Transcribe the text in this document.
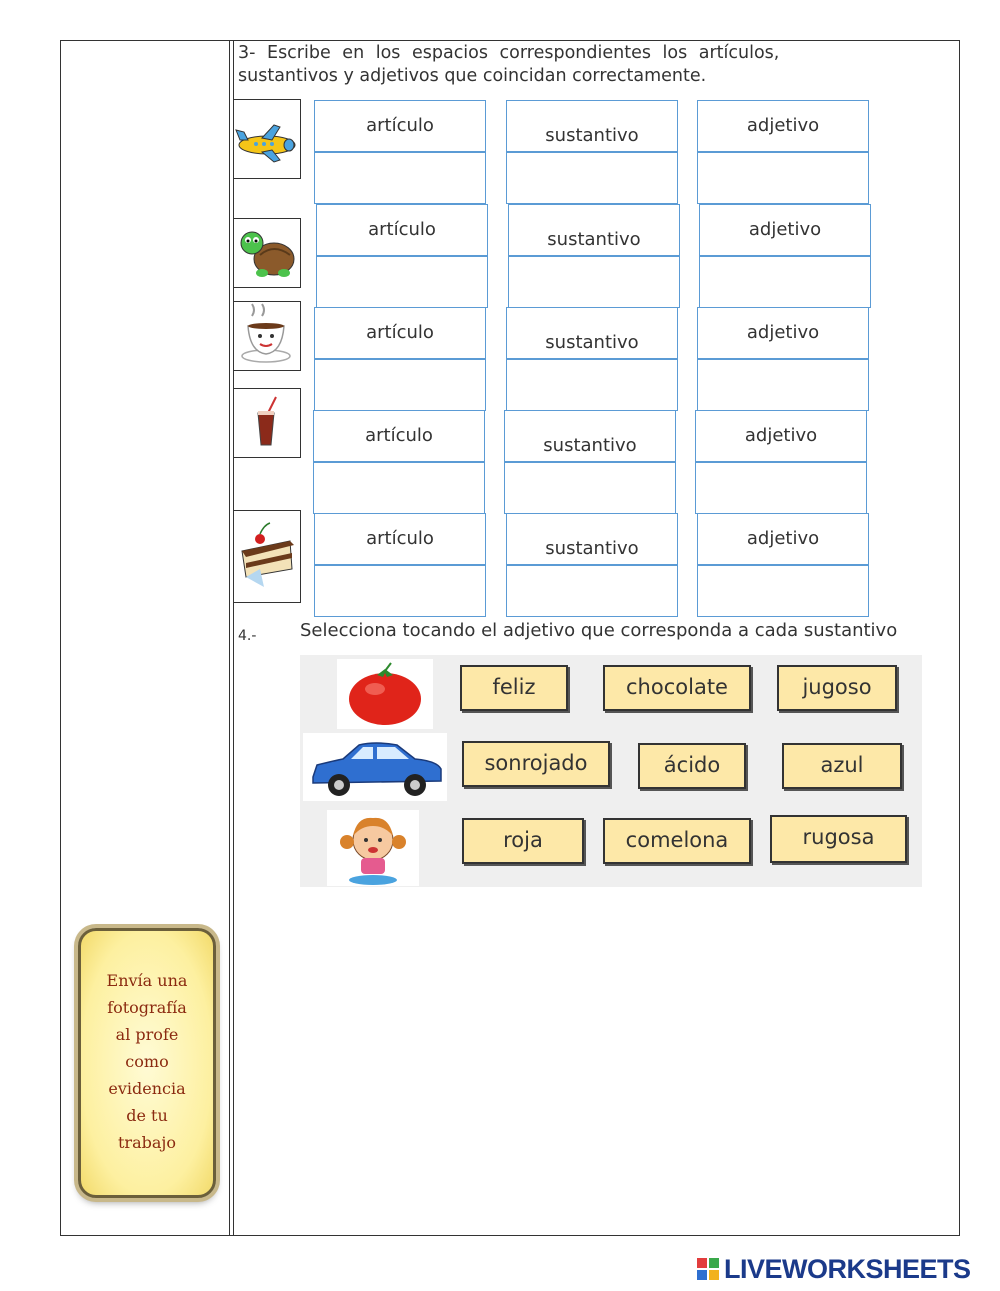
3- Escribe en los espacios correspondientes los artículos,
sustantivos y adjetivos que coincidan correctamente.
artículo	sustantivo	adjetivo
artículo	sustantivo	adjetivo
artículo	sustantivo	adjetivo
artículo	sustantivo	adjetivo
artículo	sustantivo	adjetivo
4.- Selecciona tocando el adjetivo que corresponda a cada sustantivo
feliz	chocolate	jugoso
sonrojado	ácido	azul
roja	comelona	rugosa
Envía una
fotografía
al profe
como
evidencia
de tu
trabajo
LIVEWORKSHEETS
